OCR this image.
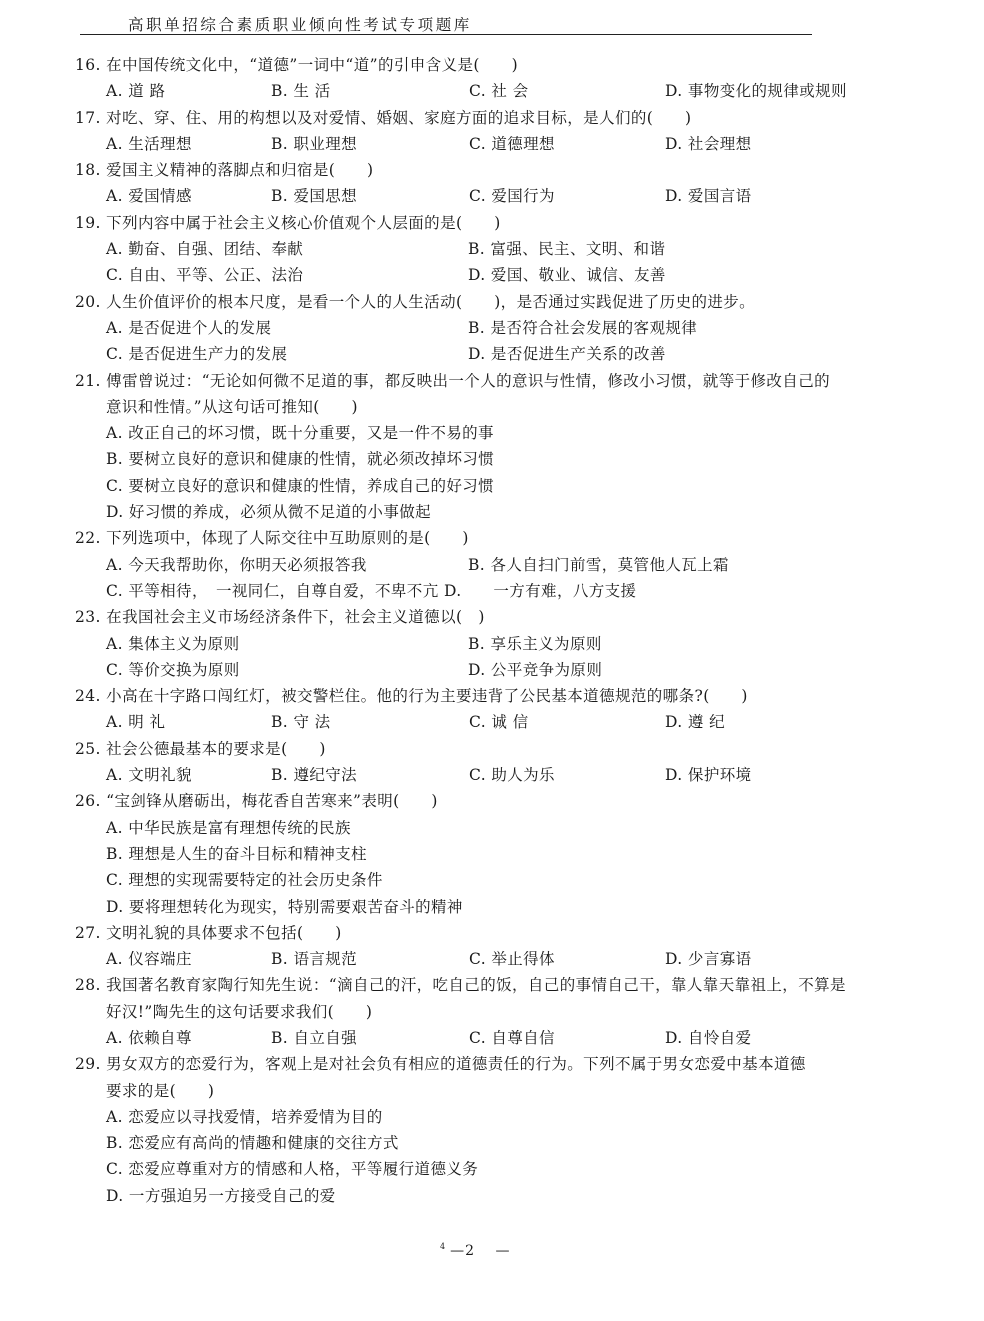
高职单招综合素质职业倾向性考试专项题库
16. 在中国传统文化中，“道德”一词中“道”的引申含义是(　　)
A. 道 路	B. 生 活	C. 社 会	D. 事物变化的规律或规则
17. 对吃、穿、住、用的构想以及对爱情、婚姻、家庭方面的追求目标，是人们的(　　)
A. 生活理想	B. 职业理想	C. 道德理想	D. 社会理想
18. 爱国主义精神的落脚点和归宿是(　　)
A. 爱国情感	B. 爱国思想	C. 爱国行为	D. 爱国言语
19. 下列内容中属于社会主义核心价值观个人层面的是(　　)
A. 勤奋、自强、团结、奉献	B. 富强、民主、文明、和谐
C. 自由、平等、公正、法治	D. 爱国、敬业、诚信、友善
20. 人生价值评价的根本尺度，是看一个人的人生活动(　　)，是否通过实践促进了历史的进步。
A. 是否促进个人的发展	B. 是否符合社会发展的客观规律
C. 是否促进生产力的发展	D. 是否促进生产关系的改善
21. 傅雷曾说过：“无论如何微不足道的事，都反映出一个人的意识与性情，修改小习惯，就等于修改自己的
意识和性情。”从这句话可推知(　　)
A. 改正自己的坏习惯，既十分重要，又是一件不易的事
B. 要树立良好的意识和健康的性情，就必须改掉坏习惯
C. 要树立良好的意识和健康的性情，养成自己的好习惯
D. 好习惯的养成，必须从微不足道的小事做起
22. 下列选项中，体现了人际交往中互助原则的是(　　)
A. 今天我帮助你，你明天必须报答我	B. 各人自扫门前雪，莫管他人瓦上霜
C. 平等相待，　一视同仁，自尊自爱，不卑不亢 D.　　一方有难，八方支援
23. 在我国社会主义市场经济条件下，社会主义道德以(　)
A. 集体主义为原则	B. 享乐主义为原则
C. 等价交换为原则	D. 公平竞争为原则
24. 小高在十字路口闯红灯，被交警栏住。他的行为主要违背了公民基本道德规范的哪条?(　　)
A. 明 礼	B. 守 法	C. 诚 信	D. 遵 纪
25. 社会公德最基本的要求是(　　)
A. 文明礼貌	B. 遵纪守法	C. 助人为乐	D. 保护环境
26. “宝剑锋从磨砺出，梅花香自苦寒来”表明(　　)
A. 中华民族是富有理想传统的民族
B. 理想是人生的奋斗目标和精神支柱
C. 理想的实现需要特定的社会历史条件
D. 要将理想转化为现实，特别需要艰苦奋斗的精神
27. 文明礼貌的具体要求不包括(　　)
A. 仪容端庄	B. 语言规范	C. 举止得体	D. 少言寡语
28. 我国著名教育家陶行知先生说：“滴自己的汗，吃自己的饭，自己的事情自己干，靠人靠天靠祖上，不算是
好汉!”陶先生的这句话要求我们(　　)
A. 依赖自尊	B. 自立自强	C. 自尊自信	D. 自怜自爱
29. 男女双方的恋爱行为，客观上是对社会负有相应的道德责任的行为。下列不属于男女恋爱中基本道德
要求的是(　　)
A. 恋爱应以寻找爱情，培养爱情为目的
B. 恋爱应有高尚的情趣和健康的交往方式
C. 恋爱应尊重对方的情感和人格，平等履行道德义务
D. 一方强迫另一方接受自己的爱
$^4$ —2　 —
